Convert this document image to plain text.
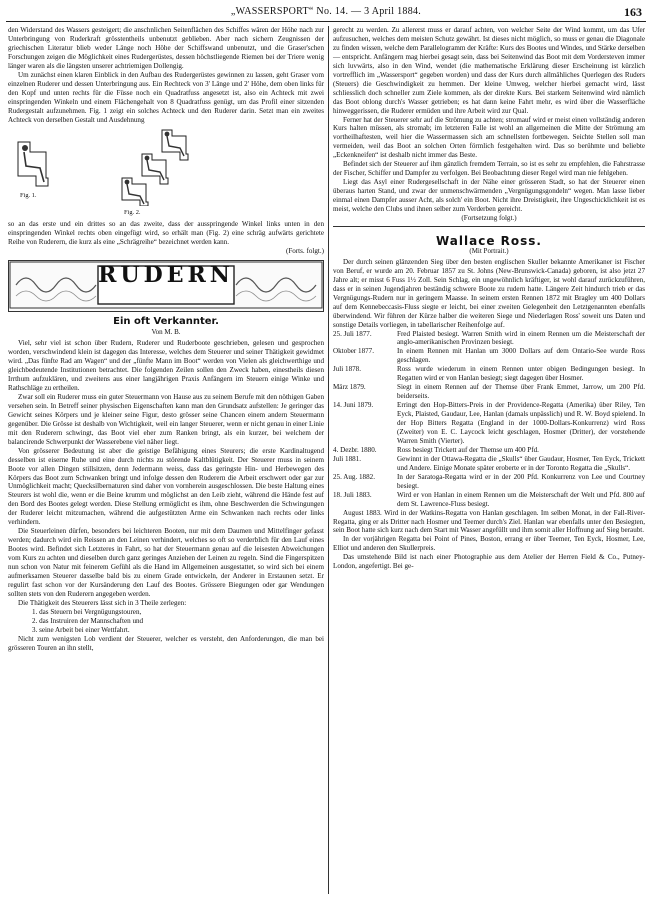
„WASSERSPORT“ No. 14. — 3 April 1884.	163

den Widerstand des Wassers gesteigert; die anschnlichen Seitenflächen des Schiffes wären der Höhe nach zur Unterbringung von Ruderkraft grösstentheils unbenutzt geblieben. Aber nach sichern Zeugnissen der griechischen Literatur blieb weder Länge noch Höhe der Schiffswand unbenutzt, und die Graser'schen Forschungen zeigen die Möglichkeit eines Rudergerüstes, dessen höchstliegende Riemen bei der Triere wenig länger waren als die längsten unserer achtriemigen Dollengig.

Um zunächst einen klaren Einblick in den Aufbau des Rudergerüstes gewinnen zu lassen, geht Graser vom einzelnen Ruderer und dessen Unterbringung aus. Ein Rechteck von 3' Länge und 2' Höhe, dem oben links für den Kopf und unten rechts für die Füsse noch ein Quadratfuss angesetzt ist, also ein Achteck mit zwei einspringenden Winkeln und einem Flächengehalt von 8 Quadratfuss genügt, um das Profil einer sitzenden Rudergestalt aufzunehmen. Fig. 1 zeigt ein solches Achteck und den Ruderer darin. Setzt man ein zweites Achteck von derselben Gestalt und Ausdehnung

Fig. 1.
Fig. 2.

so an das erste und ein drittes so an das zweite, dass der ausspringende Winkel links unten in den einspringenden Winkel rechts oben eingefügt wird, so erhält man (Fig. 2) eine schräg aufwärts gerichtete Reihe von Ruderern, die kurz als eine „Schrägreihe“ bezeichnet werden kann.

(Forts. folgt.)

RUDERN
Ein oft Verkannter.
Von M. B.

Viel, sehr viel ist schon über Rudern, Ruderer und Ruderboote geschrieben, gelesen und gesprochen worden, verschwindend klein ist dagegen das Interesse, welches dem Steuerer und seiner Thätigkeit gewidmet wird. „Das fünfte Rad am Wagen“ und der „fünfte Mann im Boot“ werden von Vielen als gleichwerthige und gleichbedeutende Institutionen betrachtet. Die folgenden Zeilen sollen den Zweck haben, einestheils diesen Irrthum aufzuklären, und zweitens aus einer langjährigen Praxis Anfängern im Steuern einige Winke und Rathschläge zu ertheilen.

Zwar soll ein Ruderer muss ein guter Steuermann von Hause aus zu seinem Berufe mit den nöthigen Gaben versehen sein. In Betreff seiner physischen Eigenschaften kann man den Grundsatz aufstellen: Je geringer das Gewicht seines Körpers und je kleiner seine Figur, desto grösser seine Chancen einem andern Steuermann gegenüber. Die Grösse ist deshalb von Wichtigkeit, weil ein langer Steuerer, wenn er nicht genau in einer Linie mit den Ruderern schwingt, das Boot viel eher zum Ranken bringt, als ein kurzer, bei welchem der balancirende Schwerpunkt der Wasserebene viel näher liegt.

Von grösserer Bedeutung ist aber die geistige Befähigung eines Steurers; die erste Kardinaltugend desselben ist eiserne Ruhe und eine durch nichts zu störende Kaltblütigkeit. Der Steuerer muss in seinem Boote vor allen Dingen stillsitzen, denn Jedermann weiss, dass das geringste Hin- und Herbewegen des Körpers das Boot zum Schwanken bringt und infolge dessen den Ruderern die Arbeit erschwert oder gar zur Unmöglichkeit macht; Quecksilbernaturen sind daher von vornherein ausgeschlossen. Die beste Haltung eines Steurers ist wohl die, wenn er die Beine krumm und möglichst an den Leib zieht, während die Hände fest auf den Bord des Bootes gelegt werden. Diese Stellung ermöglicht es ihm, ohne Beschwerden die Schwingungen der Ruderer leicht mitzumachen, während die aufgestützten Arme ein Schwanken nach rechts oder links verhindern.

Die Steuerleinen dürfen, besonders bei leichteren Booten, nur mit dem Daumen und Mittelfinger gefasst werden; dadurch wird ein Reissen an den Leinen verhindert, welches so oft so verderblich für den Lauf eines Bootes wird. Befindet sich Letzteres in Fahrt, so hat der Steuermann genau auf die leisesten Abweichungen vom Kurs zu achten und dieselben durch ganz geringes Anziehen der Leinen zu regeln. Sind die Fingerspitzen nun schon von Natur mit feinerem Gefühl als die Hand im Allgemeinen ausgestattet, so wird sich bei einem aufmerksamen Steuerer dasselbe bald bis zu einem Grade entwickeln, der Anderer in Erstaunen setzt. Er regulirt fast schon vor der Kursänderung den Lauf des Bootes. Grössere Biegungen oder gar Wendungen sollten stets von den Ruderern angegeben werden.

Die Thätigkeit des Steuerers lässt sich in 3 Theile zerlegen:

1. das Steuern bei Vergnügungstouren,

2. das Instruiren der Mannschaften und

3. seine Arbeit bei einer Wettfahrt.

Nicht zum wenigsten Lob verdient der Steuerer, welcher es versteht, den Anforderungen, die man bei grösseren Touren an ihn stellt,

gerecht zu werden. Zu allererst muss er darauf achten, von welcher Seite der Wind kommt, um das Ufer aufzusuchen, welches dem meisten Schutz gewährt. Ist dieses nicht möglich, so muss er genau die Diagonale zu finden wissen, welche dem Parallelogramm der Kräfte: Kurs des Bootes und Windes, und Stärke derselben — entspricht. Anfängern mag hierbei gesagt sein, dass bei Seitenwind das Boot mit dem Vordersteven immer sich luvwärts, also in den Wind, wendet (die mathematische Erklärung dieser Erscheinung ist kürzlich vortrefflich im „Wassersport“ gegeben worden) und dass der Kurs durch allmähliches Querlegen des Ruders (Steuers) die Geschwindigkeit zu hemmen. Der kleine Umweg, welcher hierbei gemacht wird, lässt schliesslich doch schneller zum Ziele kommen, als der direkte Kurs. Bei starkem Seitenwind wird nämlich das Boot oblong durch's Wasser getrieben; es hat dann keine Fahrt mehr, es wird über die Wasserfläche hinweggerissen, die Ruderer ermüden und ihre Arbeit wird zur Qual.

Ferner hat der Steuerer sehr auf die Strömung zu achten; stromauf wird er meist einen vollständig anderen Kurs halten müssen, als stromab; im letzteren Falle ist wohl an allgemeinen die Mitte der Strömung am vortheilhaftesten, weil hier die Wassermassen sich am schnellsten fortbewegen. Seichte Stellen soll man vermeiden, weil das Boot an solchen Orten förmlich festgehalten wird. Das so berühmte und beliebte „Eckenkneifen“ ist deshalb nicht immer das Beste.

Befindet sich der Steuerer auf ihm gänzlich fremdem Terrain, so ist es sehr zu empfehlen, die Fahrstrasse der Fischer, Schiffer und Dampfer zu verfolgen. Bei Beobachtung dieser Regel wird man nie fehlgehen.

Liegt das Asyl einer Rudergesellschaft in der Nähe einer grösseren Stadt, so hat der Steuerer einen überaus harten Stand, und zwar der unmenschwärmenden „Vergnügungsgondeln“ wegen. Man lasse lieber einmal einen Dampfer ausser Acht, als solch' ein Boot. Nicht ihre Dreistigkeit, ihre Ungeschicklichkeit ist es meist, welche den Clubs und ihnen selber zum Verderben gereicht.

(Fortsetzung folgt.)

Wallace Ross.
(Mit Portrait.)

Der durch seinen glänzenden Sieg über den besten englischen Skuller bekannte Amerikaner ist Fischer von Beruf, er wurde am 20. Februar 1857 zu St. Johns (New-Brunswick-Canada) geboren, ist also jetzt 27 Jahre alt; er misst 6 Fuss 1½ Zoll. Sein Schlag, ein ungewöhnlich kräftiger, ist wohl darauf zurückzuführen, dass er in seinen Jugendjahren beständig schwere Boote zu rudern hatte. Längere Zeit hindurch trieb er das Vergnügungs-Rudern nur in geringem Maasse. In seinem ersten Rennen 1872 mit Bragley um 400 Dollars auf dem Kennebeccasis-Fluss siegte er leicht, bei einer zweiten Gelegenheit den Letztgenannten ebenfalls überwindend. Wir führen der Kürze halber die weiteren Siege und Niederlagen Ross' soweit uns Daten und sonstige Details vorliegen, in tabellarischer Reihenfolge auf.

25. Juli 1877.	Fred Plaisted besiegt. Warren Smith wird in einem Rennen um die Meisterschaft der anglo-amerikanischen Provinzen besiegt.
Oktober 1877.	In einem Rennen mit Hanlan um 3000 Dollars auf dem Ontario-See wurde Ross geschlagen.
Juli 1878.	Ross wurde wiederum in einem Rennen unter obigen Bedingungen besiegt. In Regatten wird er von Hanlan besiegt; siegt dagegen über Hosmer.
März 1879.	Siegt in einem Rennen auf der Themse über Frank Emmet, Jarrow, um 200 Pfd. beiderseits.
14. Juni 1879.	Erringt den Hop-Bitters-Preis in der Providence-Regatta (Amerika) über Riley, Ten Eyck, Plaisted, Gaudaur, Lee, Hanlan (damals unpässlich) und R. W. Boyd spielend. In der Hop Bitters Regatta (England in der 1000-Dollars-Konkurrenz) wird Ross (Zweiter) von E. C. Laycock leicht geschlagen, Hosmer (Dritter), der vorstehende Warren Smith (Vierter).
4. Dezbr. 1880.	Ross besiegt Trickett auf der Themse um 400 Pfd.
Juli 1881.	Gewinnt in der Ottawa-Regatta die „Skulls“ über Gaudaur, Hosmer, Ten Eyck, Trickett und Andere. Einige Monate später eroberte er in der Toronto Regatta die „Skulls“.
25. Aug. 1882.	In der Saratoga-Regatta wird er in der 200 Pfd. Konkurrenz von Lee und Courtney besiegt.
18. Juli 1883.	Wird er von Hanlan in einem Rennen um die Meisterschaft der Welt und Pfd. 800 auf dem St. Lawrence-Fluss besiegt.

August 1883. Wird in der Watkins-Regatta von Hanlan geschlagen. Im selben Monat, in der Fall-River-Regatta, ging er als Dritter nach Hosmer und Teemer durch's Ziel. Hanlan war ebenfalls unter den Besiegten, sein Boot hatte sich kurz nach dem Start mit Wasser angefüllt und ihm somit aller Hoffnung auf Sieg beraubt.

In der vorjährigen Regatta bei Point of Pines, Boston, errang er über Teemer, Ten Eyck, Hosmer, Lee, Elliot und anderen den Skullerpreis.

Das umstehende Bild ist nach einer Photographie aus dem Atelier der Herren Field & Co., Putney-London, angefertigt. Bei ge-
